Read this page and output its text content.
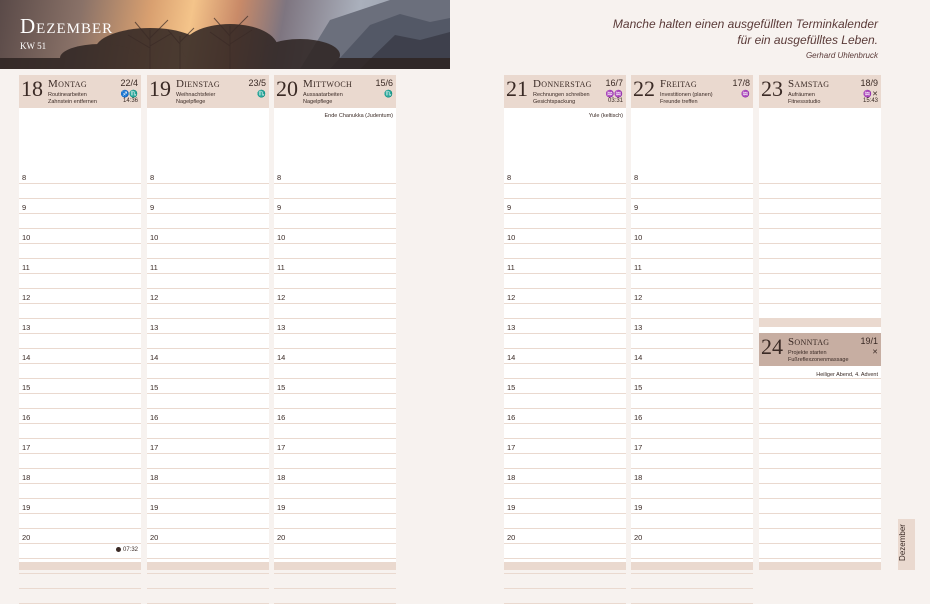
Dezember
KW 51
Manche halten einen ausgefüllten Terminkalender
für ein ausgefülltes Leben.
Gerhard Uhlenbruck
18 Montag
Routinearbeiten
Zahnstein entfernen
22/4
♐♏
14:36
8
9
10
11
12
13
14
15
16
17
18
19
20
07:32
19 Dienstag
Weihnachtsfeier
Nagelpflege
23/5
♏
8
9
10
11
12
13
14
15
16
17
18
19
20
20 Mittwoch
Aussaatarbeiten
Nagelpflege
15/6
♏
Ende Chanukka (Judentum)
8
9
10
11
12
13
14
15
16
17
18
19
20
21 Donnerstag
Rechnungen schreiben
Gesichtspackung
16/7
♒♒
03:31
Yule (keltisch)
8
9
10
11
12
13
14
15
16
17
18
19
20
22 Freitag
Investitionen (planen)
Freunde treffen
17/8
♒
8
9
10
11
12
13
14
15
16
17
18
19
20
23 Samstag
Aufräumen
Fitnessstudio
18/9
♒✕
15:43
24 Sonntag
Projekte starten
Fußreflexzonenmassage
19/1
✕
Heiliger Abend, 4. Advent
Dezember
